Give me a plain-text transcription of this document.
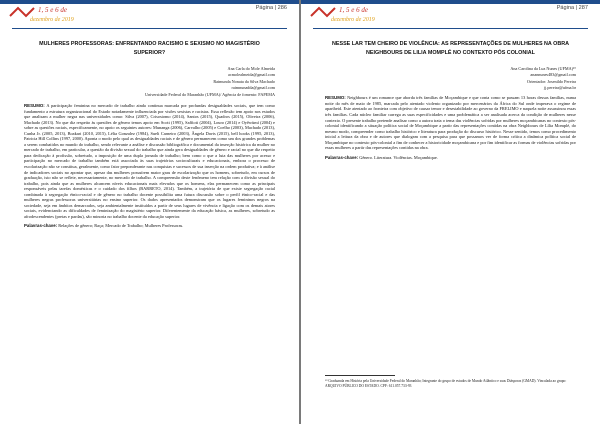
1, 5 e 6 de
dezembro de 2019
Página | 286
MULHERES PROFESSORAS: ENFRENTANDO RACISMO E SEXISMO NO MAGISTÉRIO SUPERIOR?
Ana Carla do Mole Almeida
acmolealmeida@gmail.com
Raimunda Nonata da Silva Machado
raimnunadda@gmail.com
Universidade Federal do Maranhão (UFMA)/ Agência de fomento: FAPEMA

RESUMO: A participação feminina no mercado de trabalho ainda continua marcada por profundas desigualdades sociais, que tem como fundamento a estrutura organizacional do Estado notadamente influenciada por visões sexistas e racistas. Essa reflexão tem apoio nos estudos que analisam a mulher negra nas universidades como: Silva (2007), Crisostomo (2014), Santos (2015), Quadros (2015), Oliveira (2006), Machado (2013). No que diz respeito às questões de gênero temos apoio em Scott (1995), Saffioti (2004), Louro (2014) e Oyěwùmí (2004) e sobre as questões raciais, especificamente, no apoio os seguintes autores: Munanga (2006), Carvalho (2005) e Coelho (2003), Machado (2013), Cunha Jr. (2005, 2013), Boakari (2010, 2015), Lélia Gonzalez (1984), Sueli Carneiro (2003), Ângela Davis (2015), bell hooks (1995, 2013), Patricia Hill Collins (1997, 2000). Aponta o modo pelo qual as desigualdades raciais e de gênero permanecem como um dos grandes problemas a serem combatidos no mundo do trabalho, sendo relevante a análise e discussão bibliográfica e documental da inserção histórica da mulher no mercado de trabalho, em particular, a questão da divisão sexual do trabalho que ainda gera desigualdades de gênero e racial no que diz respeito para dedicação à profissão, sobretudo, a imposição de uma dupla jornada de trabalho; bem como o que a luta das mulheres por acesso e participação no mercado de trabalho também está associada às suas trajetórias socioculturais e educacionais, embora o processo de escolarização não se constitua, geralmente, como fator preponderante nas conquistas e sucessos de sua inserção na ordem produtiva; e à análise de indicadores sociais no apontar que, apesar das mulheres possuírem maior grau de escolarização que os homens, sobretudo, em cursos de graduação, isto não se reflete, necessariamente, no mercado de trabalho. A compreensão deste fenômeno tem relação com a divisão sexual do trabalho, pois ainda que as mulheres alcancem níveis educacionais mais elevados que os homens, elas permanecem como as principais responsáveis pelas tarefas domésticas e o cuidado dos filhos (BARRETO, 2014). Também, a trajetória de que existe segregação racial combinada à segregação étnico-racial e de gênero no trabalho docente possibilita uma futura discussão sobre o perfil étnico-racial e das mulheres negras professoras universitárias no ensino superior. Os dados apresentados demonstram que os lugares femininos negros na sociedade, seja em âmbitos demarcados, seja ambientalmente instituídos a partir de seus lugares de vivência e ligação com os demais atores sociais, evidenciando as dificuldades de feminização do magistério superior. Diferentemente da educação básica, as mulheres, sobretudo as afrodescendentes (pretas e pardas), são minoria no trabalho docente da educação superior.

Palavras-chave: Relações de gênero; Raça; Mercado de Trabalho; Mulheres Professoras.

1, 5 e 6 de
dezembro de 2019
Página | 287
NESSE LAR TEM CHEIRO DE VIOLÊNCIA: AS REPRESENTAÇÕES DE MULHERES NA OBRA NEIGHBOURS DE LILIA MOMPLÉ NO CONTEXTO PÓS COLONIAL
Ana Carolina da Luz Nunes (UFMA)¹⁰
anannunes483@gmail.com
Orientador: Josenildo Pereira
jj.pereira@ufma.br

RESUMO: Neighbours é um romance que aborda três famílias de Moçambique e que conta como se passam 13 horas dessas famílias, numa noite do mês de maio de 1985, marcada pelo atentado violento organizado por mercenários da África do Sul onde imperava o regime de apartheid. Este atentado ao fronteira com objetivo de causar temor e desestabilidade ao governo da FRELIMO e naquela noite assassinou essas três famílias. Cada núcleo familiar carrega as suas especificidades e uma problemática a ser analisada acerca da condição de mulheres nesse contexto. O presente trabalho pretende analisar como a autora trata o tema das violências sofridas por mulheres moçambicanas no contexto pós-colonial identificando a situação política social de Moçambique a partir das representações contidas na obra Neighbours de Lília Momplé, do mesmo modo, compreender como trabalho histórico e literatura para produção do discurso histórico. Nesse sentido, temos como procedimento inicial a leitura da obra e de autores que dialogam com a pesquisa para que possamos ver de forma crítica a dinâmica política social de Moçambique no contexto pós-colonial a fim de conhecer a historicidade moçambicana e por fim identificar as formas de violências sofridas por essas mulheres a partir das representações contidas na obra.

Palavras-chave: Gênero. Literatura. Violências. Moçambique.

¹⁰ Graduanda em História pela Universidade Federal do Maranhão; Integrante do grupo de estudos de Mundo Atlântico e suas Diásporas (GMAD). Vinculada ao grupo: ARQUIVO PÚBLICO DO ESTADO. CPF: 611.057.733-93
